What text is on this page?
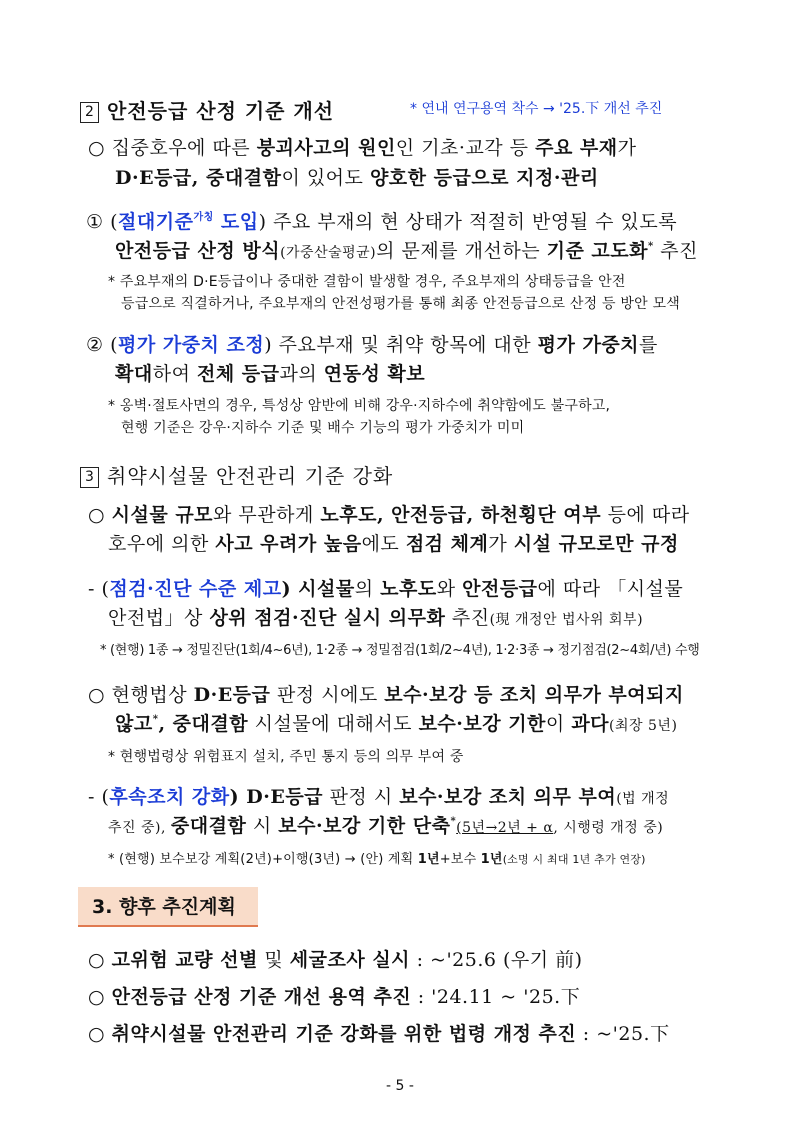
2 안전등급 산정 기준 개선	* 연내 연구용역 착수 → '25.下 개선 추진
○ 집중호우에 따른 붕괴사고의 원인인 기초·교각 등 주요 부재가
D·E등급, 중대결함이 있어도 양호한 등급으로 지정·관리
① (절대기준$^{가칭}$ 도입) 주요 부재의 현 상태가 적절히 반영될 수 있도록
안전등급 산정 방식(가중산술평균)의 문제를 개선하는 기준 고도화* 추진
* 주요부재의 D·E등급이나 중대한 결함이 발생할 경우, 주요부재의 상태등급을 안전
등급으로 직결하거나, 주요부재의 안전성평가를 통해 최종 안전등급으로 산정 등 방안 모색
② (평가 가중치 조정) 주요부재 및 취약 항목에 대한 평가 가중치를
확대하여 전체 등급과의 연동성 확보
* 옹벽·절토사면의 경우, 특성상 암반에 비해 강우·지하수에 취약함에도 불구하고,
현행 기준은 강우·지하수 기준 및 배수 기능의 평가 가중치가 미미
3 취약시설물 안전관리 기준 강화
○ 시설물 규모와 무관하게 노후도, 안전등급, 하천횡단 여부 등에 따라
호우에 의한 사고 우려가 높음에도 점검 체계가 시설 규모로만 규정
- (점검·진단 수준 제고) 시설물의 노후도와 안전등급에 따라 「시설물
안전법」상 상위 점검·진단 실시 의무화 추진(現 개정안 법사위 회부)
* (현행) 1종 → 정밀진단(1회/4~6년), 1·2종 → 정밀점검(1회/2~4년), 1·2·3종 → 정기점검(2~4회/년) 수행
○ 현행법상 D·E등급 판정 시에도 보수·보강 등 조치 의무가 부여되지
않고*, 중대결함 시설물에 대해서도 보수·보강 기한이 과다(최장 5년)
* 현행법령상 위험표지 설치, 주민 통지 등의 의무 부여 중
- (후속조치 강화) D·E등급 판정 시 보수·보강 조치 의무 부여(법 개정
추진 중), 중대결함 시 보수·보강 기한 단축*(5년→2년 + α, 시행령 개정 중)
* (현행) 보수보강 계획(2년)+이행(3년) → (안) 계획 1년+보수 1년(소명 시 최대 1년 추가 연장)
3. 향후 추진계획
○ 고위험 교량 선별 및 세굴조사 실시 : ~'25.6 (우기 前)
○ 안전등급 산정 기준 개선 용역 추진 : '24.11 ~ '25.下
○ 취약시설물 안전관리 기준 강화를 위한 법령 개정 추진 : ~'25.下
- 5 -
